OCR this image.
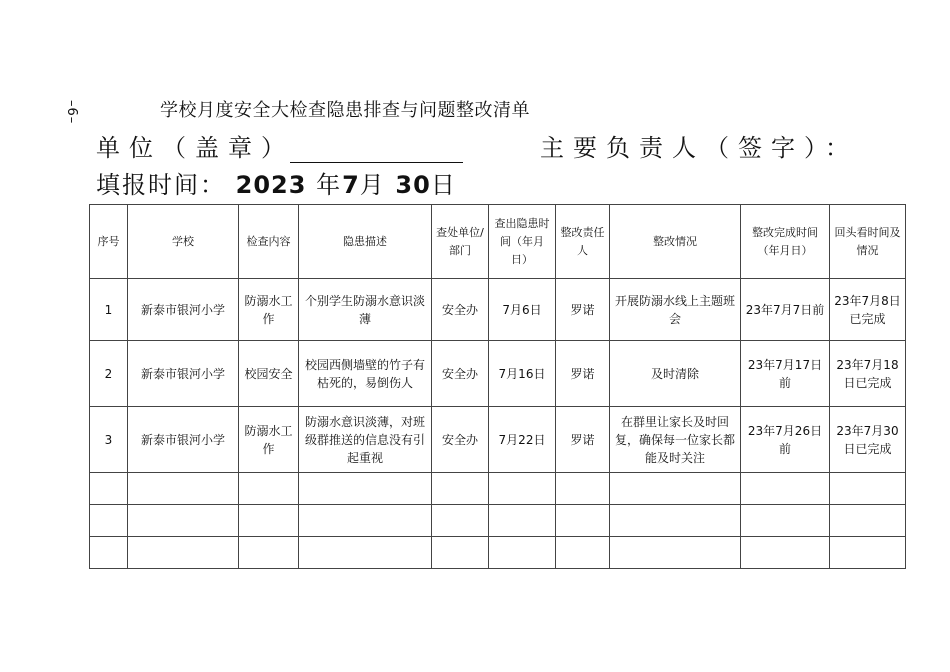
–6–	学校月度安全大检查隐患排查与问题整改清单
单位（盖章）	主要负责人（签字）：
填报时间： 2023 年7月 30日
序号	学校	检查内容	隐患描述	查处单位/部门	查出隐患时间（年月日）	整改责任人	整改情况	整改完成时间（年月日）	回头看时间及情况
1	新泰市银河小学	防溺水工作	个别学生防溺水意识淡薄	安全办	7月6日	罗诺	开展防溺水线上主题班会	23年7月7日前	23年7月8日已完成
2	新泰市银河小学	校园安全	校园西侧墙壁的竹子有枯死的，易倒伤人	安全办	7月16日	罗诺	及时清除	23年7月17日前	23年7月18日已完成
3	新泰市银河小学	防溺水工作	防溺水意识淡薄，对班级群推送的信息没有引起重视	安全办	7月22日	罗诺	在群里让家长及时回复，确保每一位家长都能及时关注	23年7月26日前	23年7月30日已完成
